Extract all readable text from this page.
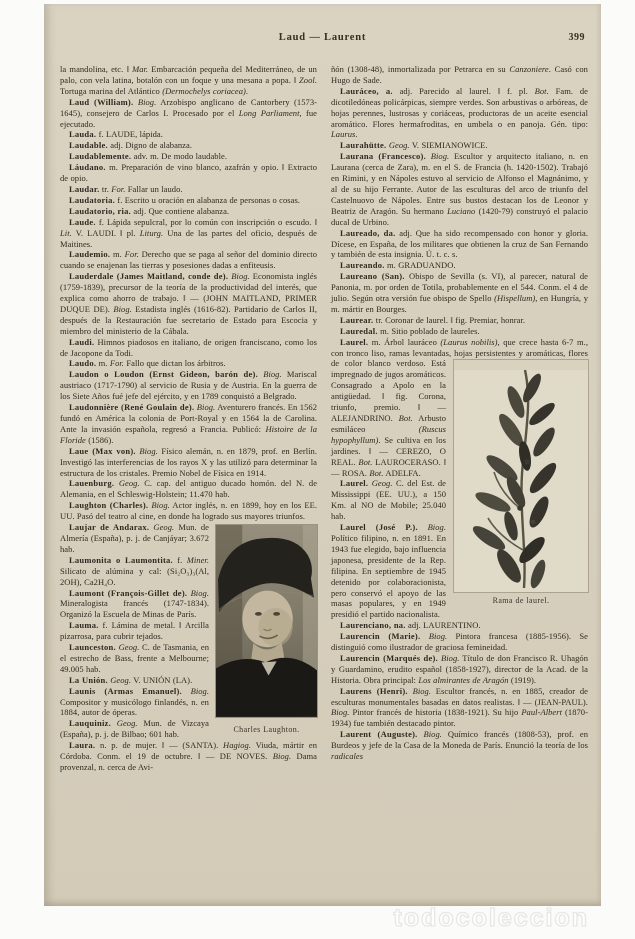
Laud — Laurent	399

la mandolina, etc. ‖ Mar. Embarcación pequeña del Mediterráneo, de un palo, con vela latina, botalón con un foque y una mesana a popa. ‖ Zool. Tortuga marina del Atlántico (Dermochelys coriacea).

Laud (William). Biog. Arzobispo anglicano de Cantorbery (1573-1645), consejero de Carlos I. Procesado por el Long Parliament, fue ejecutado.

Lauda. f. LAUDE, lápida.

Laudable. adj. Digno de alabanza.

Laudablemente. adv. m. De modo laudable.

Láudano. m. Preparación de vino blanco, azafrán y opio. ‖ Extracto de opio.

Laudar. tr. For. Fallar un laudo.

Laudatoria. f. Escrito u oración en alabanza de personas o cosas.

Laudatorio, ria. adj. Que contiene alabanza.

Laude. f. Lápida sepulcral, por lo común con inscripción o escudo. ‖ Lit. V. LAUDI. ‖ pl. Liturg. Una de las partes del oficio, después de Maitines.

Laudemio. m. For. Derecho que se paga al señor del dominio directo cuando se enajenan las tierras y posesiones dadas a enfiteusis.

Lauderdale (James Maitland, conde de). Biog. Economista inglés (1759-1839), precursor de la teoría de la productividad del interés, que explica como ahorro de trabajo. ‖ — (JOHN MAITLAND, PRIMER DUQUE DE). Biog. Estadista inglés (1616-82). Partidario de Carlos II, después de la Restauración fue secretario de Estado para Escocia y miembro del ministerio de la Cábala.

Laudi. Himnos piadosos en italiano, de origen franciscano, como los de Jacopone da Todi.

Laudo. m. For. Fallo que dictan los árbitros.

Laudon o Loudon (Ernst Gideon, barón de). Biog. Mariscal austriaco (1717-1790) al servicio de Rusia y de Austria. En la guerra de los Siete Años fué jefe del ejército, y en 1789 conquistó a Belgrado.

Laudonnière (René Goulain de). Biog. Aventurero francés. En 1562 fundó en América la colonia de Port-Royal y en 1564 la de Carolina. Ante la invasión española, regresó a Francia. Publicó: Histoire de la Floride (1586).

Laue (Max von). Biog. Físico alemán, n. en 1879, prof. en Berlín. Investigó las interferencias de los rayos X y las utilizó para determinar la estructura de los cristales. Premio Nobel de Física en 1914.

Lauenburg. Geog. C. cap. del antiguo ducado homón. del N. de Alemania, en el Schleswig-Holstein; 11.470 hab.

Laughton (Charles). Biog. Actor inglés, n. en 1899, hoy en los EE. UU. Pasó del teatro al cine, en donde ha logrado sus
Charles Laughton.
mayores triunfos.

Laujar de Andarax. Geog. Mun. de Almería (España), p. j. de Canjáyar; 3.672 hab.

Laumonita o Laumontita. f. Miner. Silicato de alúmina y cal: (Si₂O₃)₃(Al, 2OH), Ca2H₄O.

Laumont (François-Gillet de). Biog. Mineralogista francés (1747-1834). Organizó la Escuela de Minas de París.

Lauma. f. Lámina de metal. ‖ Arcilla pizarrosa, para cubrir tejados.

Launceston. Geog. C. de Tasmania, en el estrecho de Bass, frente a Melbourne; 49.005 hab.

La Unión. Geog. V. UNIÓN (LA).

Launis (Armas Emanuel). Biog. Compositor y musicólogo finlandés, n. en 1884, autor de óperas.

Lauquiniz. Geog. Mun. de Vizcaya (España), p. j. de Bilbao; 601 hab.

Laura. n. p. de mujer. ‖ — (SANTA). Hagiog. Viuda, mártir en Córdoba. Conm. el 19 de octubre. ‖ — DE NOVES. Biog. Dama provenzal, n. cerca de Avi-

ñón (1308-48), inmortalizada por Petrarca en su Canzoniere. Casó con Hugo de Sade.

Lauráceo, a. adj. Parecido al laurel. ‖ f. pl. Bot. Fam. de dicotiledóneas policárpicas, siempre verdes. Son arbustivas o arbóreas, de hojas perennes, lustrosas y coriáceas, productoras de un aceite esencial aromático. Flores hermafroditas, en umbela o en panoja. Gén. tipo: Laurus.

Laurahütte. Geog. V. SIEMIANOWICE.

Laurana (Francesco). Biog. Escultor y arquitecto italiano, n. en Laurana (cerca de Zara), m. en el S. de Francia (h. 1420-1502). Trabajó en Rimini, y en Nápoles estuvo al servicio de Alfonso el Magnánimo, y al de su hijo Ferrante. Autor de las esculturas del arco de triunfo del Castelnuovo de Nápoles. Entre sus bustos destacan los de Leonor y Beatriz de Aragón. Su hermano Luciano (1420-79) construyó el palacio ducal de Urbino.

Laureado, da. adj. Que ha sido recompensado con honor y gloria. Dícese, en España, de los militares que obtienen la cruz de San Fernando y también de esta insignia. Ú. t. c. s.

Laureando. m. GRADUANDO.

Laureano (San). Obispo de Sevilla (s. VI), al parecer, natural de Panonia, m. por orden de Totila, probablemente en el 544. Conm. el 4 de julio. Según otra versión fue obispo de Spello (Hispellum), en Hungría, y m. mártir en Bourges.

Laurear. tr. Coronar de laurel. ‖ fig. Premiar, honrar.

Lauredal. m. Sitio poblado de laureles.

Laurel. m. Árbol lauráceo (Laurus nobilis), que crece hasta 6-7 m., con tronco liso, ramas levantadas, hojas persistentes y aromáticas, flores de color
Rama de laurel.
blanco verdoso. Está impregnado de jugos aromáticos. Consagrado a Apolo en la antigüedad. ‖ fig. Corona, triunfo, premio. ‖ — ALEJANDRINO. Bot. Arbusto esmiláceo (Ruscus hypophyllum). Se cultiva en los jardines. ‖ — CEREZO, O REAL. Bot. LAUROCERASO. ‖ — ROSA. Bot. ADELFA.

Laurel. Geog. C. del Est. de Mississippi (EE. UU.), a 150 Km. al NO de Mobile; 25.040 hab.

Laurel (José P.). Biog. Político filipino, n. en 1891. En 1943 fue elegido, bajo influencia japonesa, presidente de la Rep. filipina. En septiembre de 1945 detenido por colaboracionista, pero conservó el apoyo de las masas populares, y en 1949 presidió el partido nacionalista.

Laurenciano, na. adj. LAURENTINO.

Laurencin (Marie). Biog. Pintora francesa (1885-1956). Se distinguió como ilustrador de graciosa femineidad.

Laurencin (Marqués de). Biog. Título de don Francisco R. Uhagón y Guardamino, erudito español (1858-1927), director de la Acad. de la Historia. Obra principal: Los almirantes de Aragón (1919).

Laurens (Henri). Biog. Escultor francés, n. en 1885, creador de esculturas monumentales basadas en datos realistas. ‖ — (JEAN-PAUL). Biog. Pintor francés de historia (1838-1921). Su hijo Paul-Albert (1870-1934) fue también destacado pintor.

Laurent (Auguste). Biog. Químico francés (1808-53), prof. en Burdeos y jefe de la Casa de la Moneda de París. Enunció la teoría de los radicales

todocoleccion
